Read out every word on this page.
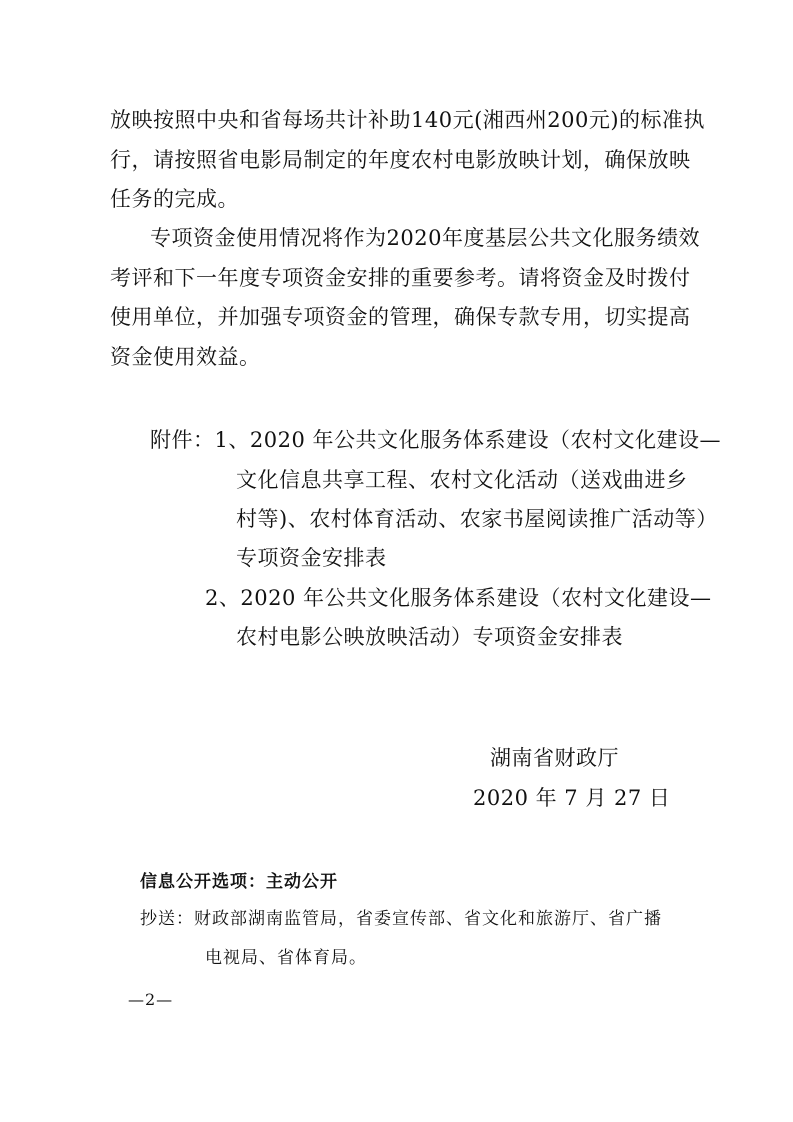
放映按照中央和省每场共计补助140元(湘西州200元)的标准执
行，请按照省电影局制定的年度农村电影放映计划，确保放映
任务的完成。
专项资金使用情况将作为2020年度基层公共文化服务绩效
考评和下一年度专项资金安排的重要参考。请将资金及时拨付
使用单位，并加强专项资金的管理，确保专款专用，切实提高
资金使用效益。
附件：1、2020 年公共文化服务体系建设（农村文化建设—
文化信息共享工程、农村文化活动（送戏曲进乡
村等)、农村体育活动、农家书屋阅读推广活动等）
专项资金安排表
2、2020 年公共文化服务体系建设（农村文化建设—
农村电影公映放映活动）专项资金安排表
湖南省财政厅
2020 年 7 月 27 日
信息公开选项：主动公开
抄送：财政部湖南监管局，省委宣传部、省文化和旅游厅、省广播
电视局、省体育局。
—2—
